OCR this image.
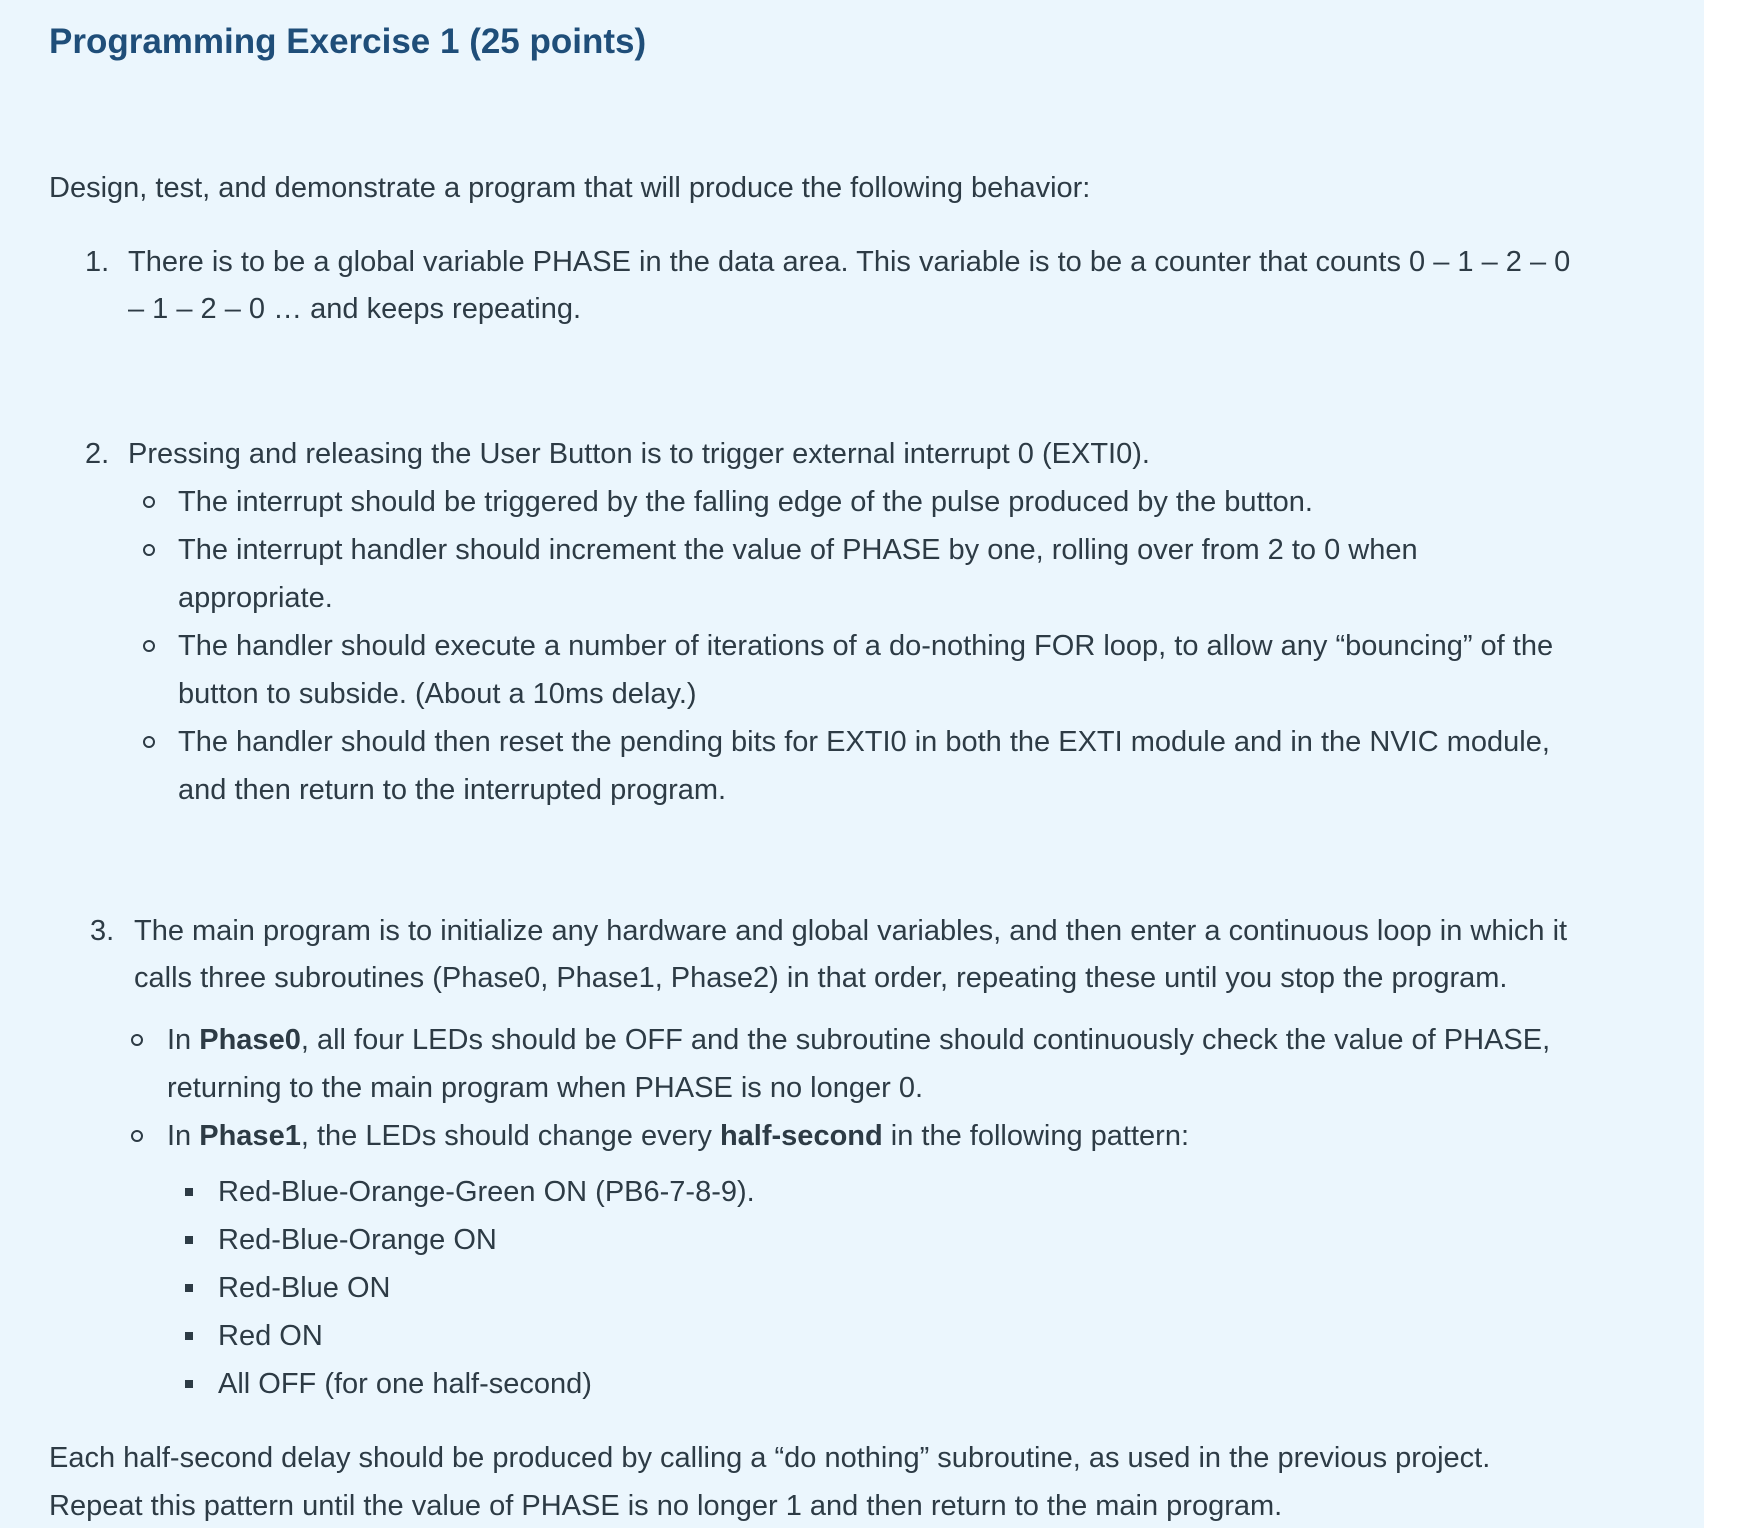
Programming Exercise 1 (25 points)

Design, test, and demonstrate a program that will produce the following behavior:

1. There is to be a global variable PHASE in the data area. This variable is to be a counter that counts 0 – 1 – 2 – 0

– 1 – 2 – 0 … and keeps repeating.

2. Pressing and releasing the User Button is to trigger external interrupt 0 (EXTI0).

The interrupt should be triggered by the falling edge of the pulse produced by the button.

The interrupt handler should increment the value of PHASE by one, rolling over from 2 to 0 when

appropriate.

The handler should execute a number of iterations of a do-nothing FOR loop, to allow any “bouncing” of the

button to subside. (About a 10ms delay.)

The handler should then reset the pending bits for EXTI0 in both the EXTI module and in the NVIC module,

and then return to the interrupted program.

3. The main program is to initialize any hardware and global variables, and then enter a continuous loop in which it

calls three subroutines (Phase0, Phase1, Phase2) in that order, repeating these until you stop the program.

In Phase0, all four LEDs should be OFF and the subroutine should continuously check the value of PHASE,

returning to the main program when PHASE is no longer 0.

In Phase1, the LEDs should change every half-second in the following pattern:

Red-Blue-Orange-Green ON (PB6-7-8-9).

Red-Blue-Orange ON

Red-Blue ON

Red ON

All OFF (for one half-second)

Each half-second delay should be produced by calling a “do nothing” subroutine, as used in the previous project.

Repeat this pattern until the value of PHASE is no longer 1 and then return to the main program.
